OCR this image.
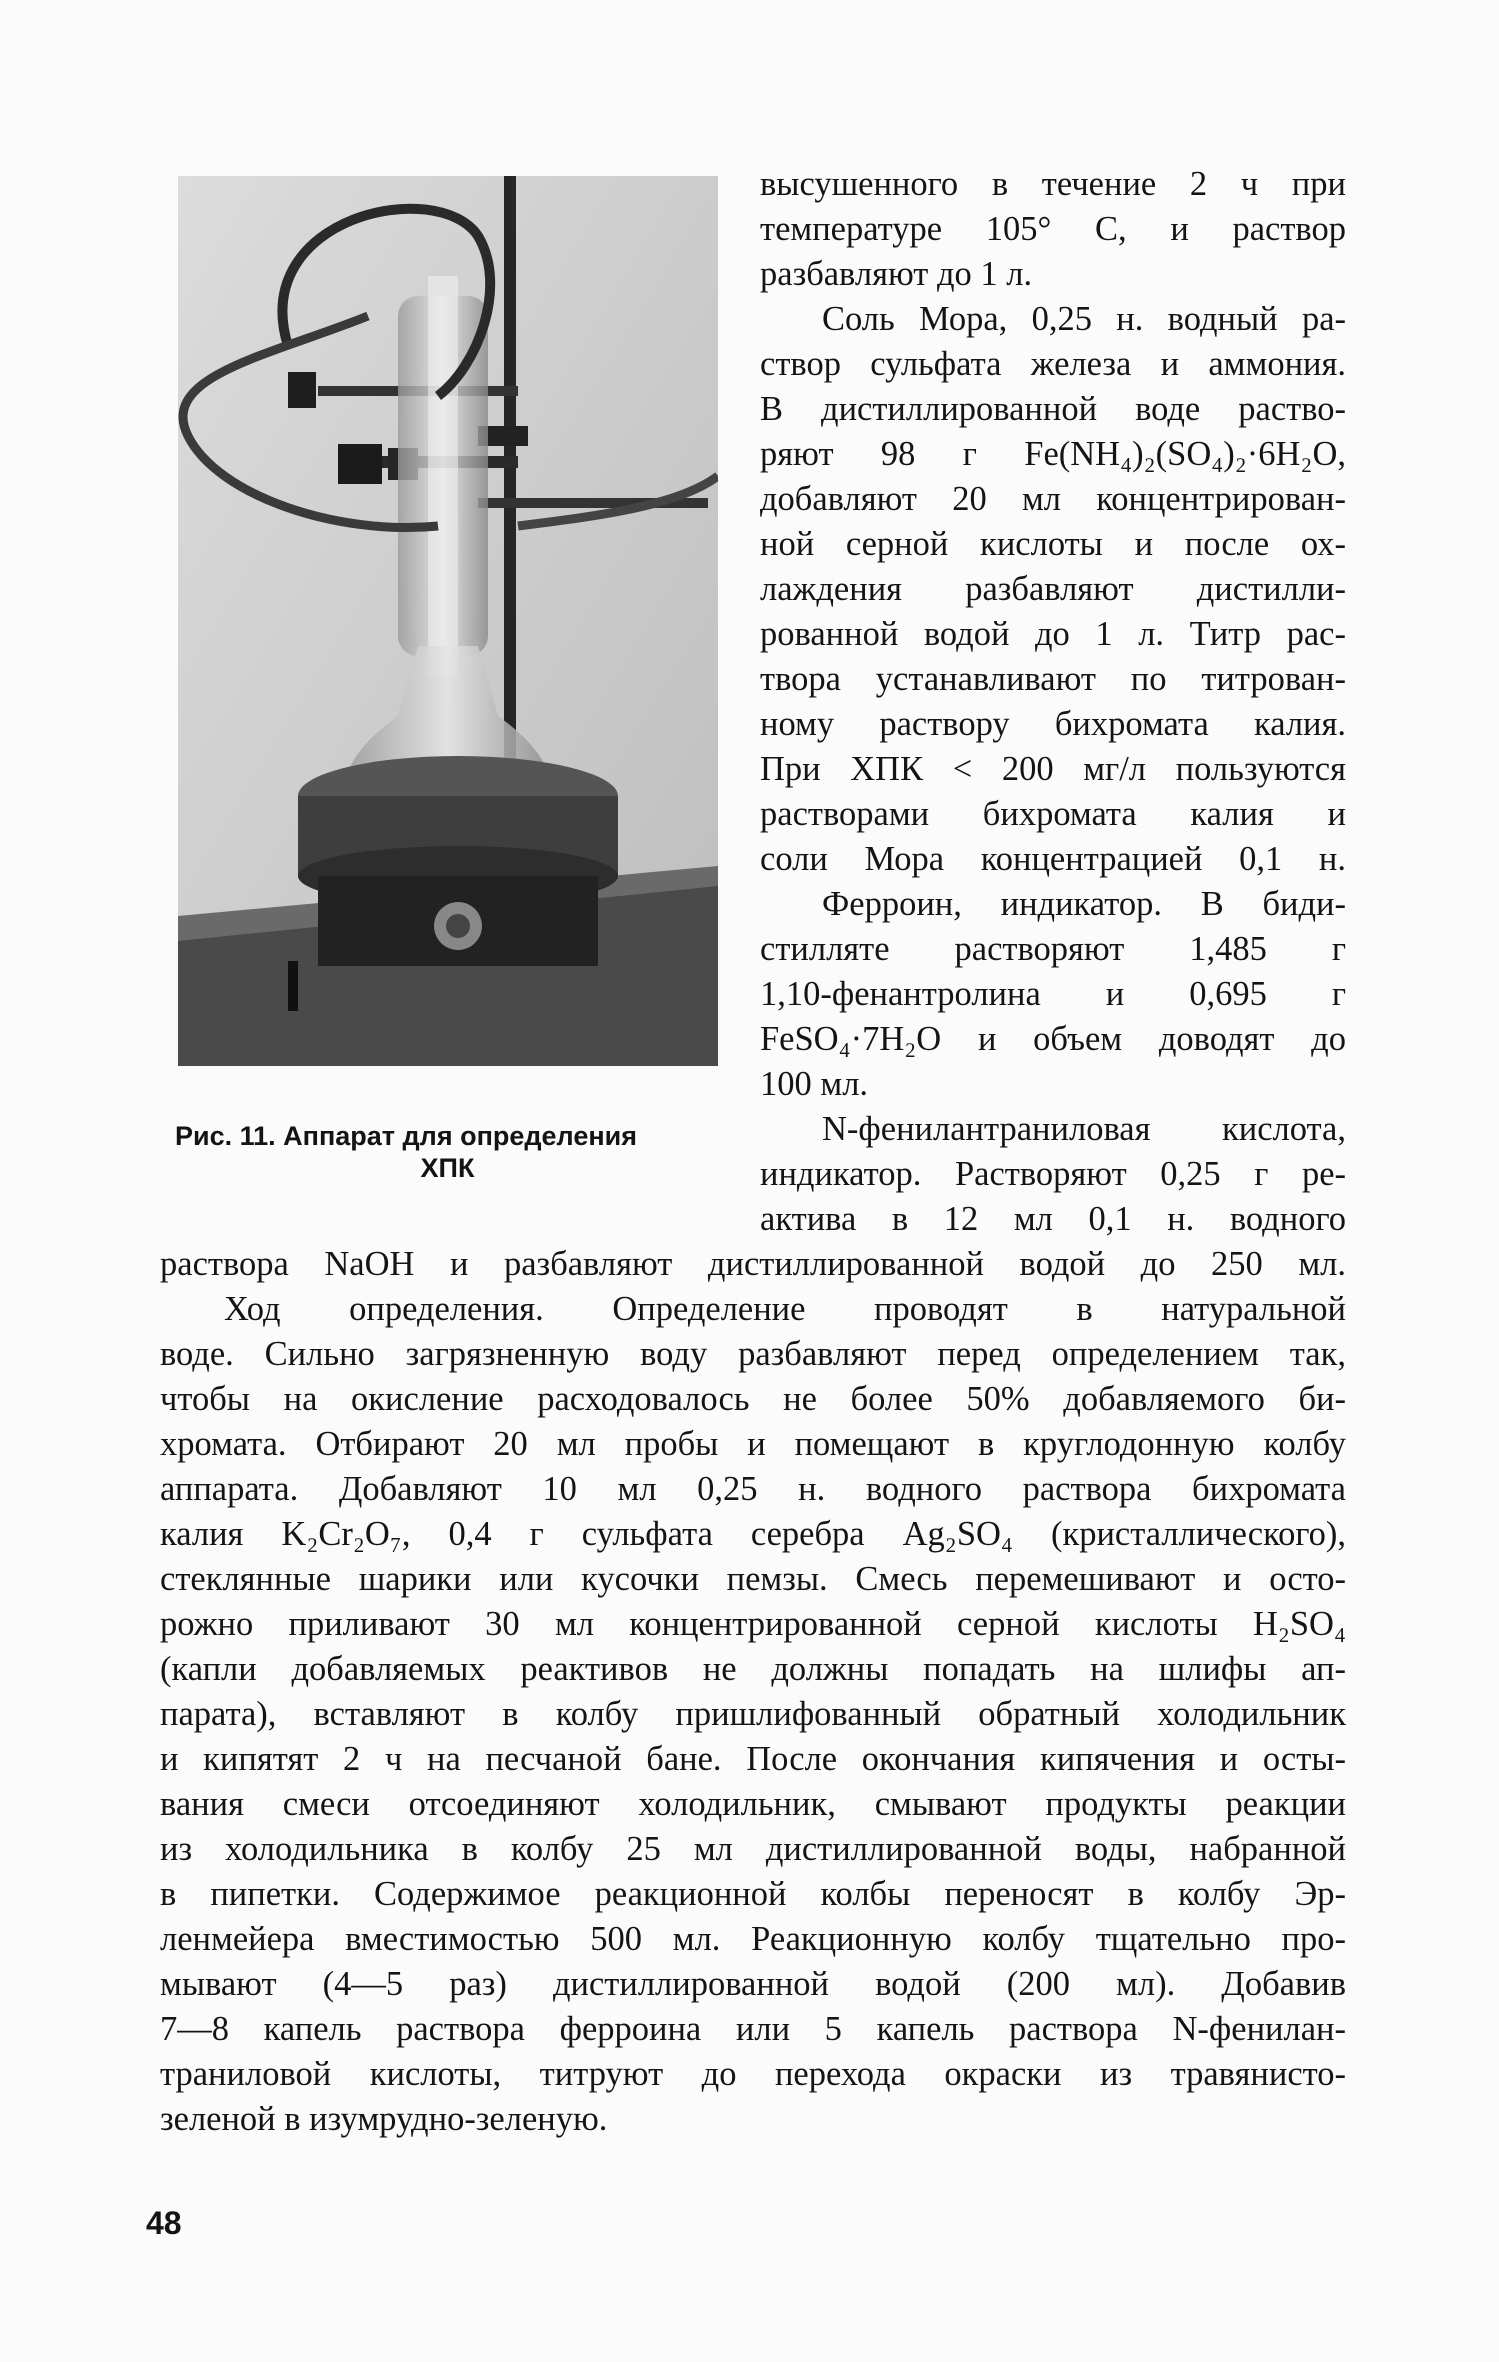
Рис. 11. Аппарат для определения
ХПК
высушенного в течение 2 ч при
температуре 105° С, и раствор
разбавляют до 1 л.
Соль Мора, 0,25 н. водный ра-
створ сульфата железа и аммония.
В дистиллированной воде раство-
ряют 98 г Fe(NH₄)₂(SO₄)₂·6H₂O,
добавляют 20 мл концентрирован-
ной серной кислоты и после ох-
лаждения разбавляют дистилли-
рованной водой до 1 л. Титр рас-
твора устанавливают по титрован-
ному раствору бихромата калия.
При ХПК < 200 мг/л пользуются
растворами бихромата калия и
соли Мора концентрацией 0,1 н.
Ферроин, индикатор. В биди-
стилляте растворяют 1,485 г
1,10-фенантролина и 0,695 г
FeSO₄·7H₂O и объем доводят до
100 мл.
N-фенилантраниловая кислота,
индикатор. Растворяют 0,25 г ре-
актива в 12 мл 0,1 н. водного
раствора NaOH и разбавляют дистиллированной водой до 250 мл.
Ход определения. Определение проводят в натуральной
воде. Сильно загрязненную воду разбавляют перед определением так,
чтобы на окисление расходовалось не более 50% добавляемого би-
хромата. Отбирают 20 мл пробы и помещают в круглодонную колбу
аппарата. Добавляют 10 мл 0,25 н. водного раствора бихромата
калия K₂Cr₂O₇, 0,4 г сульфата серебра Ag₂SO₄ (кристаллического),
стеклянные шарики или кусочки пемзы. Смесь перемешивают и осто-
рожно приливают 30 мл концентрированной серной кислоты H₂SO₄
(капли добавляемых реактивов не должны попадать на шлифы ап-
парата), вставляют в колбу пришлифованный обратный холодильник
и кипятят 2 ч на песчаной бане. После окончания кипячения и осты-
вания смеси отсоединяют холодильник, смывают продукты реакции
из холодильника в колбу 25 мл дистиллированной воды, набранной
в пипетки. Содержимое реакционной колбы переносят в колбу Эр-
ленмейера вместимостью 500 мл. Реакционную колбу тщательно про-
мывают (4—5 раз) дистиллированной водой (200 мл). Добавив
7—8 капель раствора ферроина или 5 капель раствора N-фенилан-
траниловой кислоты, титруют до перехода окраски из травянисто-
зеленой в изумрудно-зеленую.
48
